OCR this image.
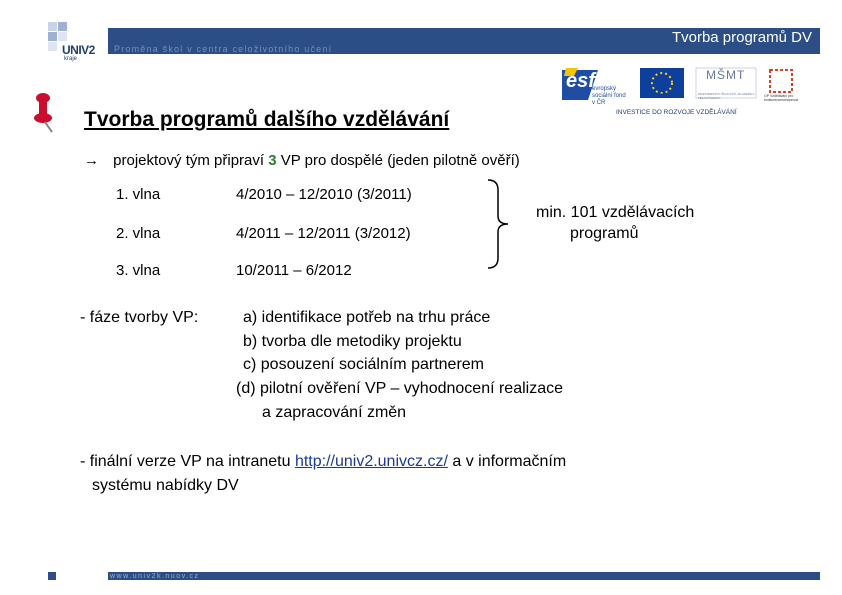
UNIV2
kraje
Tvorba programů DV
Proměna škol v centra celoživotního učení
esf
evropský sociální fond v ČR
EVROPSKÁ UNIE
MŠMT
MINISTERSTVO ŠKOLSTVÍ, MLÁDEŽE A TĚLOVÝCHOVY	OP Vzdělávání pro konkurenceschopnost
INVESTICE DO ROZVOJE VZDĚLÁVÁNÍ
Tvorba programů dalšího vzdělávání
→ projektový tým připraví 3 VP pro dospělé (jeden pilotně ověří)
1. vlna	4/2010 – 12/2010 (3/2011)
2. vlna	4/2011 – 12/2011 (3/2012)
3. vlna	10/2011 – 6/2012
min. 101 vzdělávacích
programů
- fáze tvorby VP:	a) identifikace potřeb na trhu práce
b) tvorba dle metodiky projektu
c) posouzení sociálním partnerem
(d) pilotní ověření VP – vyhodnocení realizace
a zapracování změn
- finální verze VP na intranetu http://univ2.univcz.cz/ a v informačním
systému nabídky DV
www.univ2k.nuov.cz
